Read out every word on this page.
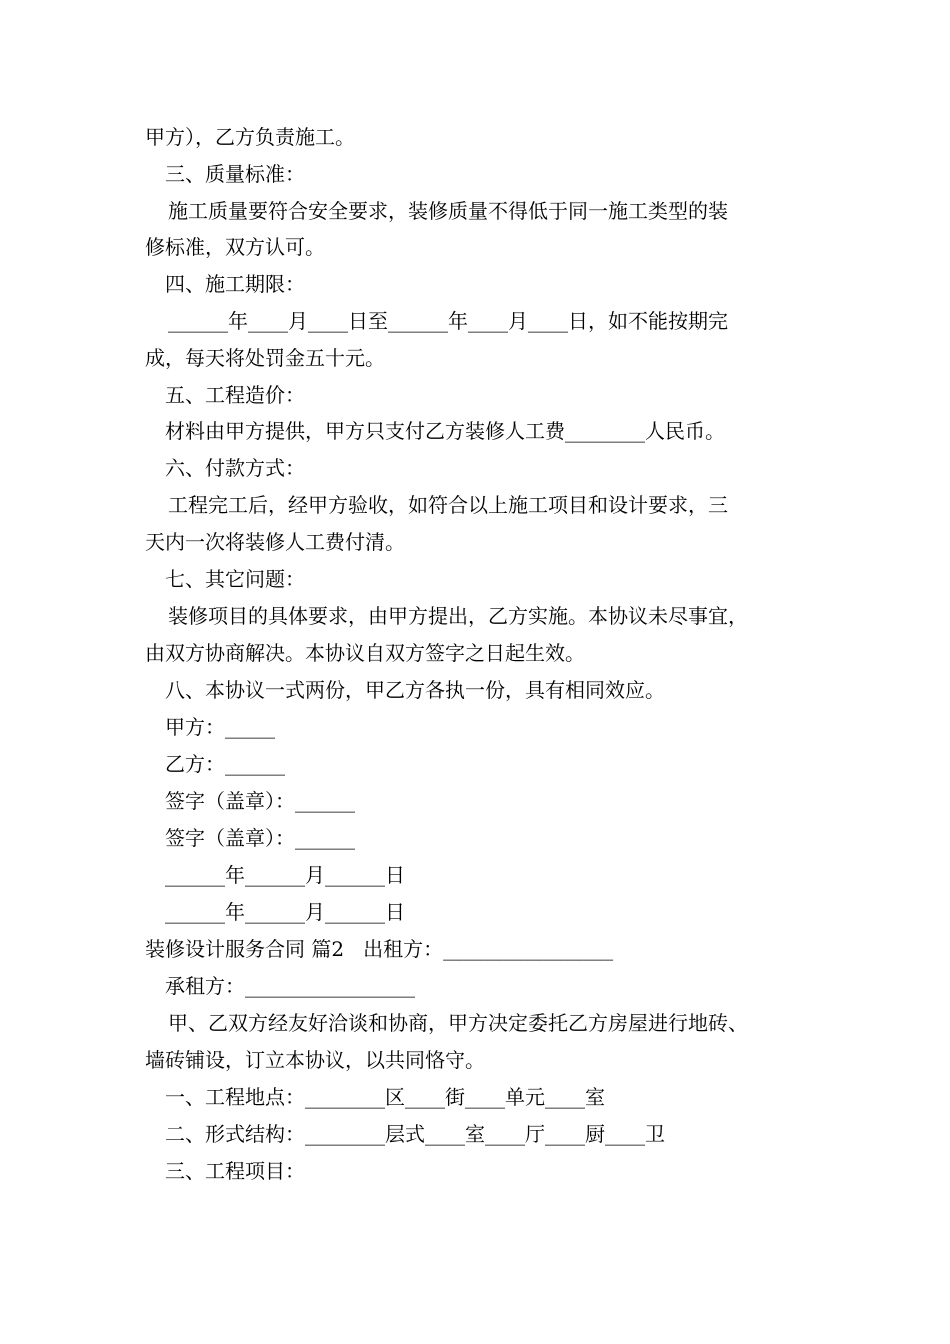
甲方），乙方负责施工。
三、质量标准：
施工质量要符合安全要求，装修质量不得低于同一施工类型的装
修标准，双方认可。
四、施工期限：
______年____月____日至______年____月____日，如不能按期完
成，每天将处罚金五十元。
五、工程造价：
材料由甲方提供，甲方只支付乙方装修人工费________人民币。
六、付款方式：
工程完工后，经甲方验收，如符合以上施工项目和设计要求，三
天内一次将装修人工费付清。
七、其它问题：
装修项目的具体要求，由甲方提出，乙方实施。本协议未尽事宜，
由双方协商解决。本协议自双方签字之日起生效。
八、本协议一式两份，甲乙方各执一份，具有相同效应。
甲方：_____
乙方：______
签字（盖章）：______
签字（盖章）：______
______年______月______日
______年______月______日
装修设计服务合同 篇2   出租方：_________________
承租方：_________________
甲、乙双方经友好洽谈和协商，甲方决定委托乙方房屋进行地砖、
墙砖铺设，订立本协议，以共同恪守。
一、工程地点：________区____街____单元____室
二、形式结构：________层式____室____厅____厨____卫
三、工程项目：
